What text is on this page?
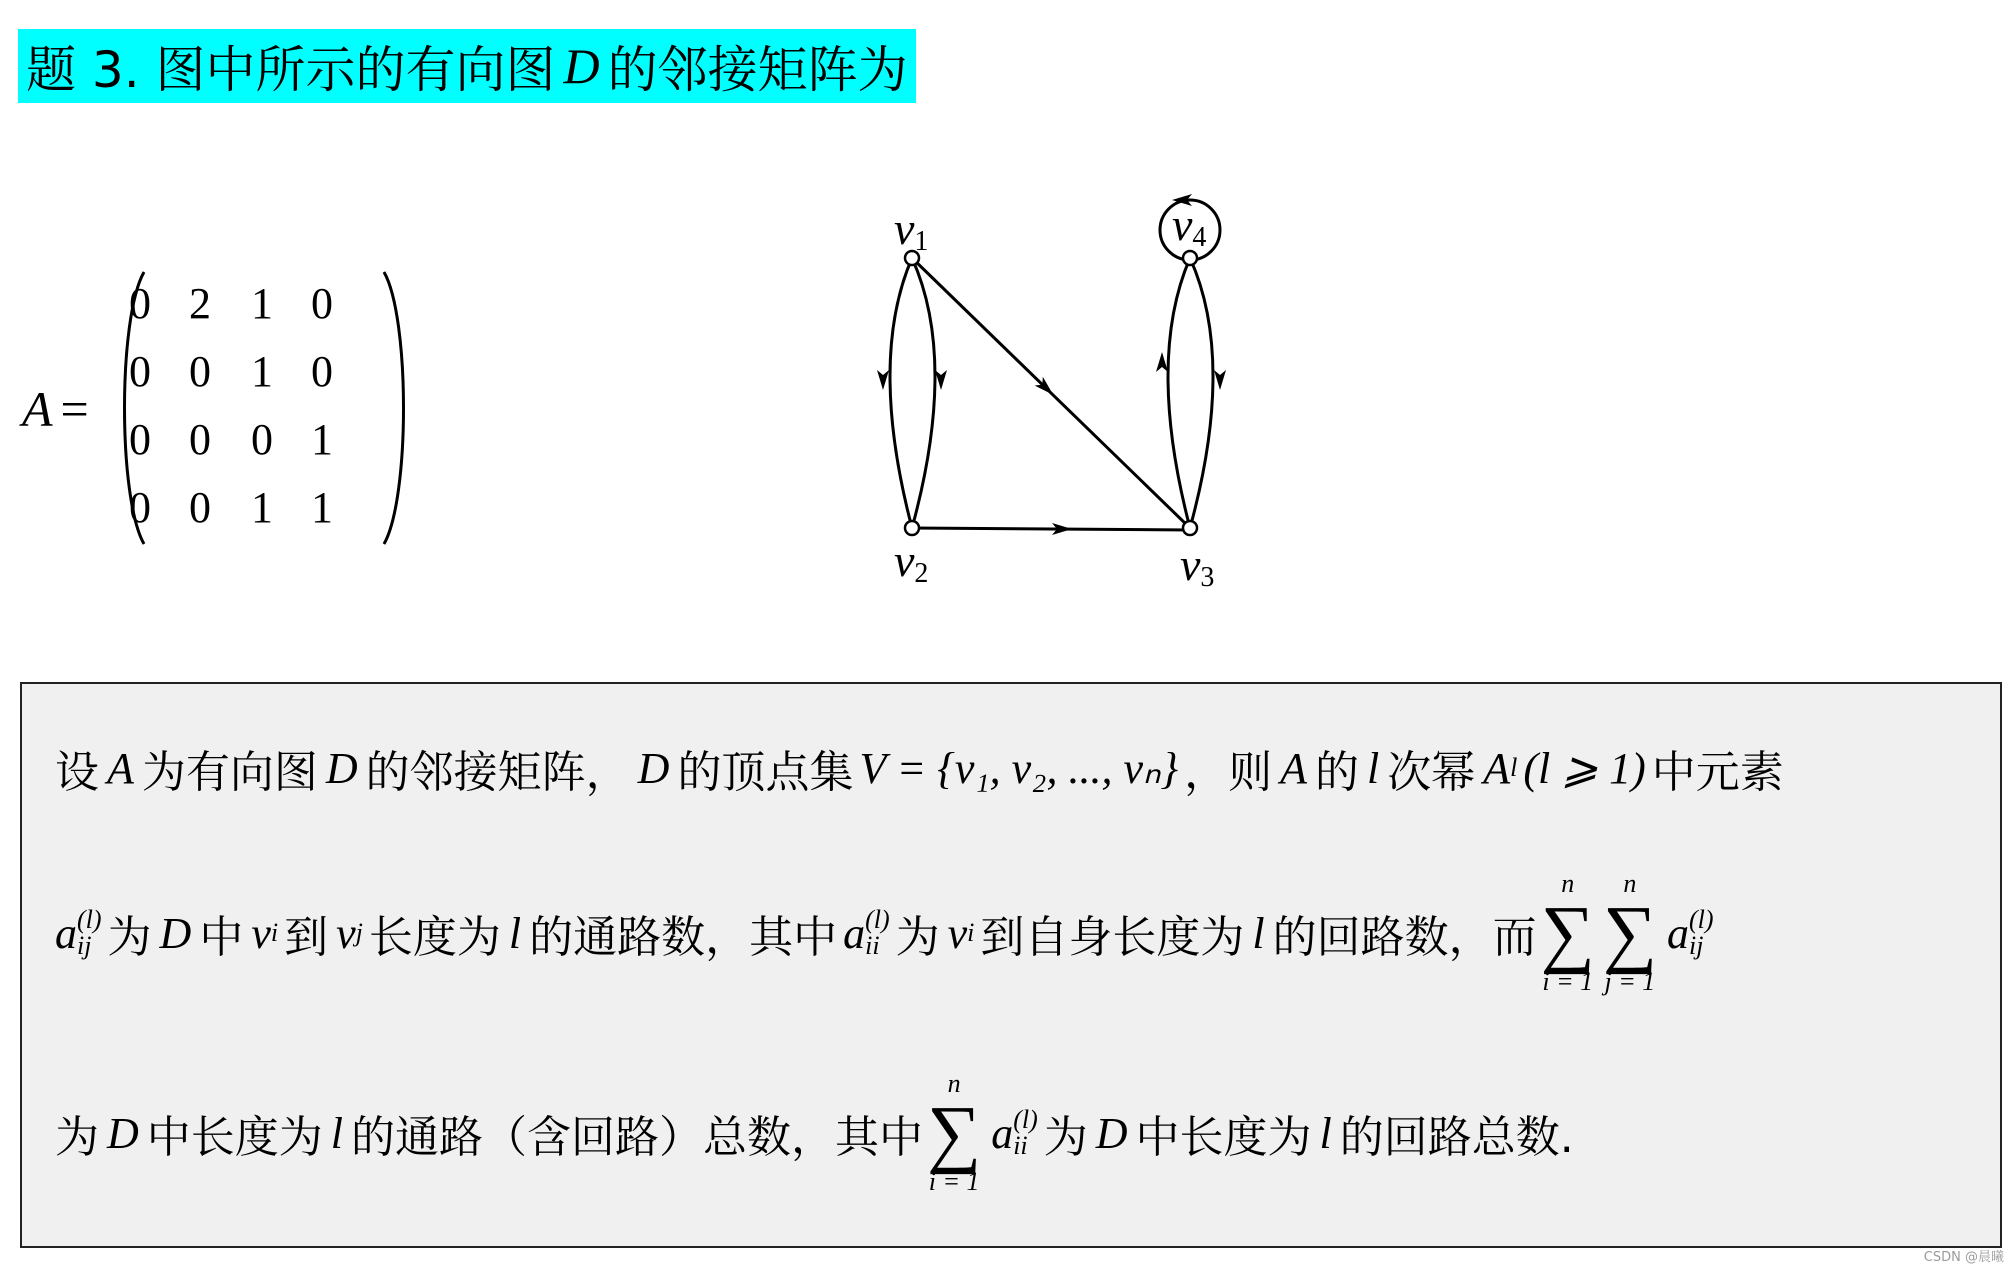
题 3. 图中所示的有向图 D 的邻接矩阵为
A =
0 2 1 0
0 0 1 0
0 0 0 1
0 0 1 1
$v_1$
$v_2$	$v_3$
$v_4$
设 A 为有向图 D 的邻接矩阵， D 的顶点集 V = {v₁, v₂, ..., vₙ} ，则 A 的 l 次幂 A l (l ⩾ 1) 中元素
a (l)
ij 为 D 中 v i 到 v j 长度为 l 的通路数，其中 a (l)
ii 为 v i 到自身长度为 l 的回路数，而
n
∑
i = 1
n
∑
j = 1
a (l)
ij
为 D 中长度为 l 的通路（含回路）总数，其中
n
∑
i = 1
a (l)
ii 为 D 中长度为 l 的回路总数.
CSDN @晨曦
